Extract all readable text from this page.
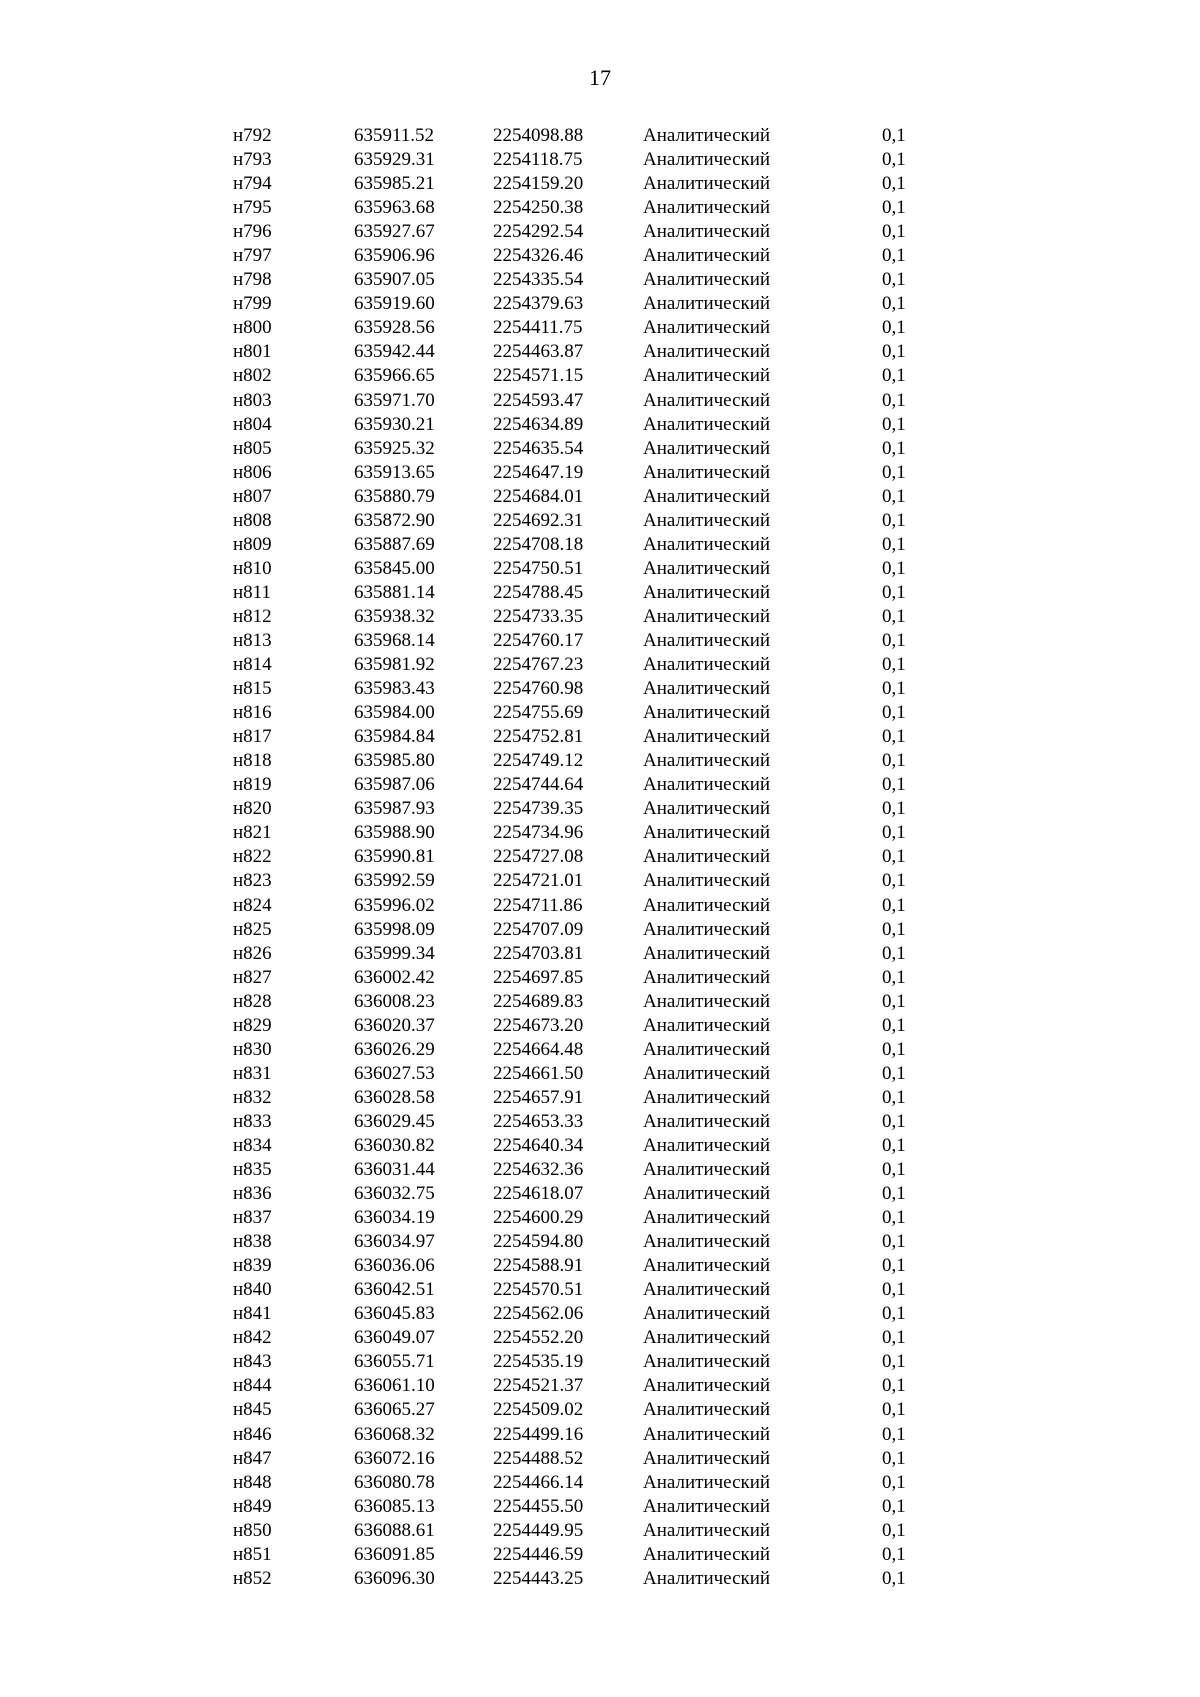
17
н792	635911.52	2254098.88	Аналитический	0,1
н793	635929.31	2254118.75	Аналитический	0,1
н794	635985.21	2254159.20	Аналитический	0,1
н795	635963.68	2254250.38	Аналитический	0,1
н796	635927.67	2254292.54	Аналитический	0,1
н797	635906.96	2254326.46	Аналитический	0,1
н798	635907.05	2254335.54	Аналитический	0,1
н799	635919.60	2254379.63	Аналитический	0,1
н800	635928.56	2254411.75	Аналитический	0,1
н801	635942.44	2254463.87	Аналитический	0,1
н802	635966.65	2254571.15	Аналитический	0,1
н803	635971.70	2254593.47	Аналитический	0,1
н804	635930.21	2254634.89	Аналитический	0,1
н805	635925.32	2254635.54	Аналитический	0,1
н806	635913.65	2254647.19	Аналитический	0,1
н807	635880.79	2254684.01	Аналитический	0,1
н808	635872.90	2254692.31	Аналитический	0,1
н809	635887.69	2254708.18	Аналитический	0,1
н810	635845.00	2254750.51	Аналитический	0,1
н811	635881.14	2254788.45	Аналитический	0,1
н812	635938.32	2254733.35	Аналитический	0,1
н813	635968.14	2254760.17	Аналитический	0,1
н814	635981.92	2254767.23	Аналитический	0,1
н815	635983.43	2254760.98	Аналитический	0,1
н816	635984.00	2254755.69	Аналитический	0,1
н817	635984.84	2254752.81	Аналитический	0,1
н818	635985.80	2254749.12	Аналитический	0,1
н819	635987.06	2254744.64	Аналитический	0,1
н820	635987.93	2254739.35	Аналитический	0,1
н821	635988.90	2254734.96	Аналитический	0,1
н822	635990.81	2254727.08	Аналитический	0,1
н823	635992.59	2254721.01	Аналитический	0,1
н824	635996.02	2254711.86	Аналитический	0,1
н825	635998.09	2254707.09	Аналитический	0,1
н826	635999.34	2254703.81	Аналитический	0,1
н827	636002.42	2254697.85	Аналитический	0,1
н828	636008.23	2254689.83	Аналитический	0,1
н829	636020.37	2254673.20	Аналитический	0,1
н830	636026.29	2254664.48	Аналитический	0,1
н831	636027.53	2254661.50	Аналитический	0,1
н832	636028.58	2254657.91	Аналитический	0,1
н833	636029.45	2254653.33	Аналитический	0,1
н834	636030.82	2254640.34	Аналитический	0,1
н835	636031.44	2254632.36	Аналитический	0,1
н836	636032.75	2254618.07	Аналитический	0,1
н837	636034.19	2254600.29	Аналитический	0,1
н838	636034.97	2254594.80	Аналитический	0,1
н839	636036.06	2254588.91	Аналитический	0,1
н840	636042.51	2254570.51	Аналитический	0,1
н841	636045.83	2254562.06	Аналитический	0,1
н842	636049.07	2254552.20	Аналитический	0,1
н843	636055.71	2254535.19	Аналитический	0,1
н844	636061.10	2254521.37	Аналитический	0,1
н845	636065.27	2254509.02	Аналитический	0,1
н846	636068.32	2254499.16	Аналитический	0,1
н847	636072.16	2254488.52	Аналитический	0,1
н848	636080.78	2254466.14	Аналитический	0,1
н849	636085.13	2254455.50	Аналитический	0,1
н850	636088.61	2254449.95	Аналитический	0,1
н851	636091.85	2254446.59	Аналитический	0,1
н852	636096.30	2254443.25	Аналитический	0,1
